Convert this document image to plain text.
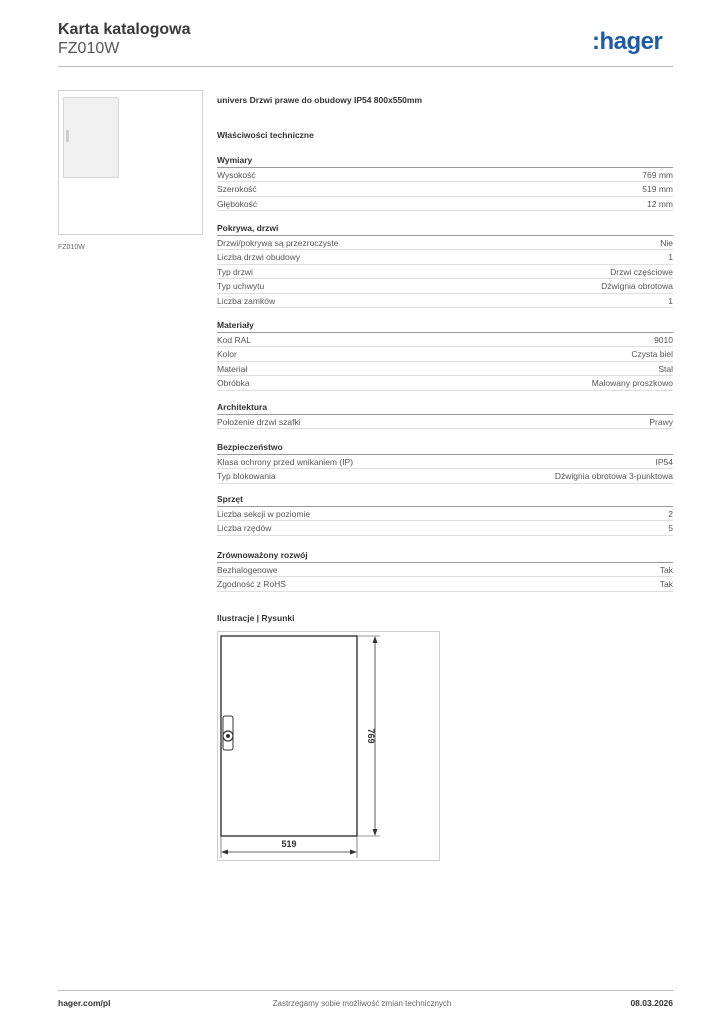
Karta katalogowa
FZ010W	:hager
FZ010W
univers Drzwi prawe do obudowy IP54 800x550mm
Właściwości techniczne
Wymiary
Wysokość	769 mm
Szerokość	519 mm
Głębokość	12 mm
Pokrywa, drzwi
Drzwi/pokrywa są przezroczyste	Nie
Liczba drzwi obudowy	1
Typ drzwi	Drzwi częściowe
Typ uchwytu	Dźwignia obrotowa
Liczba zamków	1
Materiały
Kod RAL	9010
Kolor	Czysta biel
Materiał	Stal
Obróbka	Malowany proszkowo
Architektura
Położenie drzwi szafki	Prawy
Bezpieczeństwo
Klasa ochrony przed wnikaniem (IP)	IP54
Typ blokowania	Dźwignia obrotowa 3-punktowa
Sprzęt
Liczba sekcji w poziomie	2
Liczba rzędów	5
Zrównoważony rozwój
Bezhalogenowe	Tak
Zgodność z RoHS	Tak
Ilustracje | Rysunki
769
519
hager.com/pl	Zastrzegamy sobie możliwość zmian technicznych	08.03.2026
